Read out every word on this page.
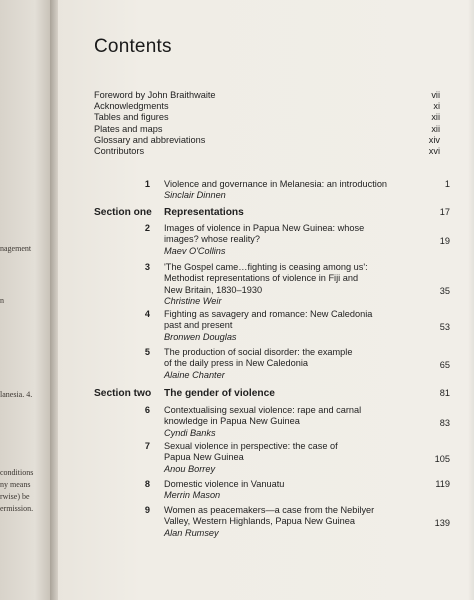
nagement
n
lanesia. 4.
conditions
ny means
rwise) be
ermission.
Contents
Foreword by John Braithwaite	vii
Acknowledgments	xi
Tables and figures	xii
Plates and maps	xii
Glossary and abbreviations	xiv
Contributors	xvi
1 Violence and governance in Melanesia: an introduction
Sinclair Dinnen
1
Section one Representations	17
2 Images of violence in Papua New Guinea: whose
images? whose reality?
Maev O'Collins
19
3 'The Gospel came…fighting is ceasing among us':
Methodist representations of violence in Fiji and
New Britain, 1830–1930
Christine Weir
35
4 Fighting as savagery and romance: New Caledonia
past and present
Bronwen Douglas
53
5 The production of social disorder: the example
of the daily press in New Caledonia
Alaine Chanter
65
Section two The gender of violence	81
6 Contextualising sexual violence: rape and carnal
knowledge in Papua New Guinea
Cyndi Banks
83
7 Sexual violence in perspective: the case of
Papua New Guinea
Anou Borrey
105
8 Domestic violence in Vanuatu
Merrin Mason
119
9 Women as peacemakers—a case from the Nebilyer
Valley, Western Highlands, Papua New Guinea
Alan Rumsey
139
